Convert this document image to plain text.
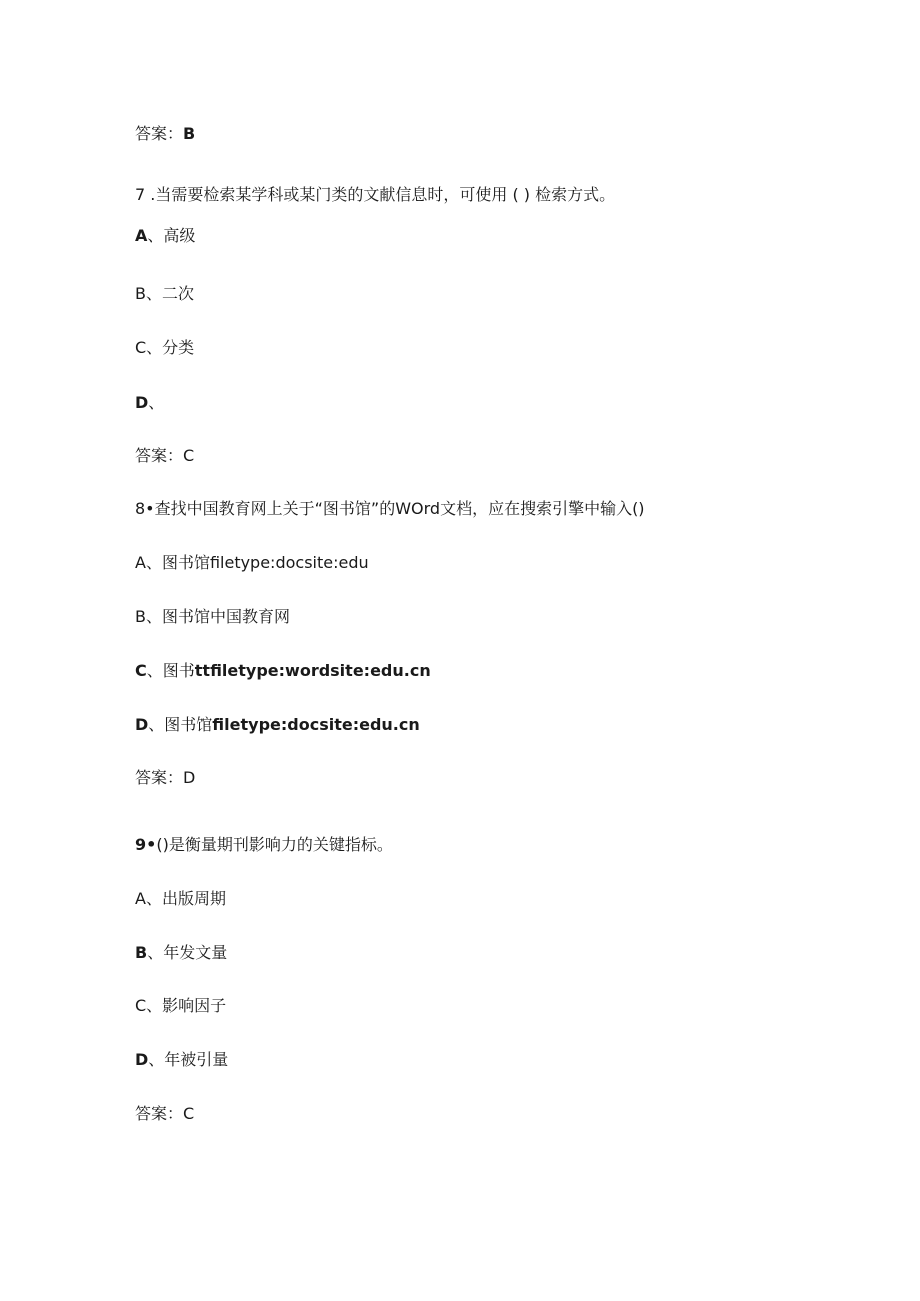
答案：B
7 .当需要检索某学科或某门类的文献信息时，可使用 ( ) 检索方式。
A、高级
B、二次
C、分类
D、
答案：C
8•查找中国教育网上关于“图书馆”的WOrd文档，应在搜索引擎中输入()
A、图书馆filetype:docsite:edu
B、图书馆中国教育网
C、图书ttfiletype:wordsite:edu.cn
D、图书馆filetype:docsite:edu.cn
答案：D
9•()是衡量期刊影响力的关键指标。
A、出版周期
B、年发文量
C、影响因子
D、年被引量
答案：C
